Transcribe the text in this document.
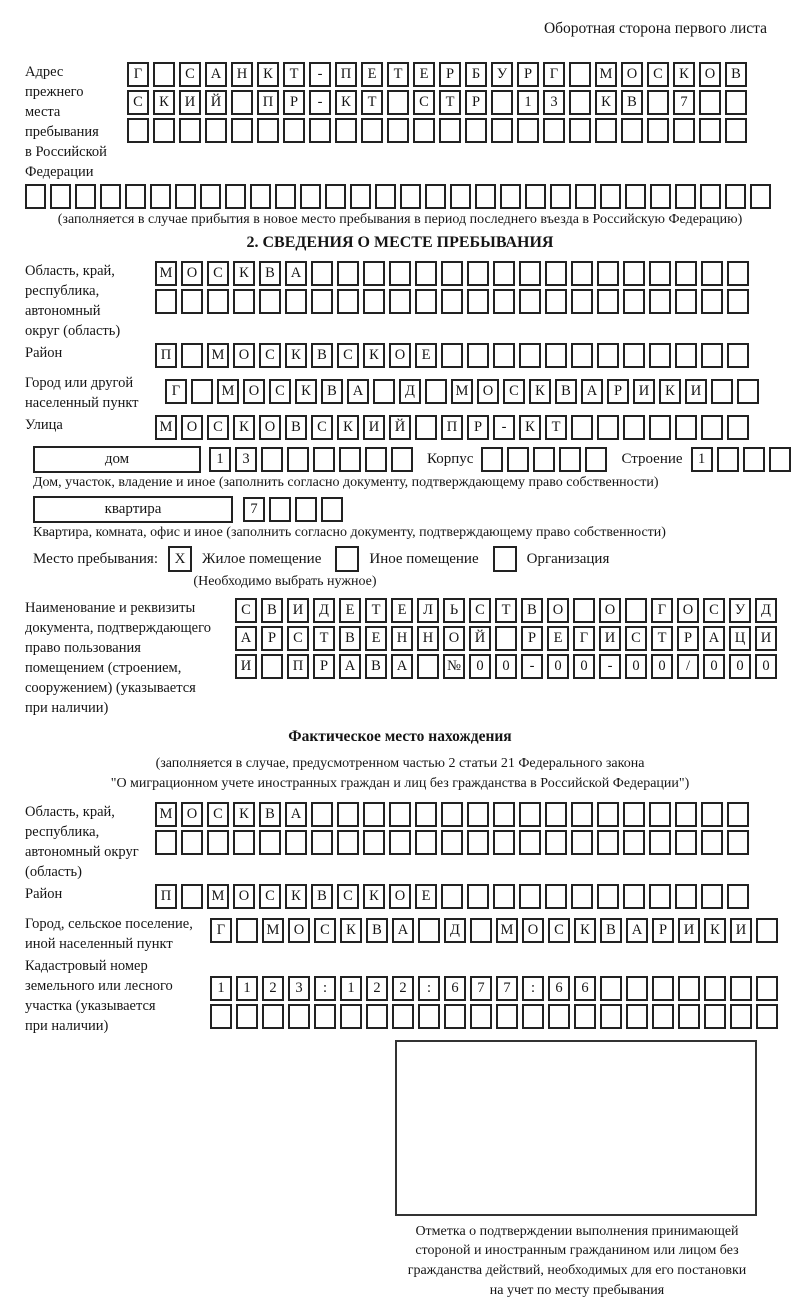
Оборотная сторона первого листа
Адрес прежнего
места пребывания
в Российской
Федерации
Г	С	А	Н	К	Т	-	П	Е	Т	Е	Р	Б	У	Р	Г	М О	С	К	О	В
С	К	И	Й	П	Р	-	К	Т	С	Т	Р	1	3	К	В	7
(заполняется в случае прибытия в новое место пребывания в период последнего въезда в Российскую Федерацию)
2. СВЕДЕНИЯ О МЕСТЕ ПРЕБЫВАНИЯ
Область, край,
республика,
автономный
округ (область)
М О	С	К	В	А
Район	П	М О	С	К	В	С	К	О	Е
Город или другой
населенный пункт
Г	М О	С	К	В	А	Д	М О	С	К	В	А	Р	И	К	И
Улица	М О	С	К	О	В	С	К	И	Й	П	Р	-	К	Т
дом	1	3	Корпус	Строение	1
Дом, участок, владение и иное (заполнить согласно документу, подтверждающему право собственности)
квартира	7
Квартира, комната, офис и иное (заполнить согласно документу, подтверждающему право собственности)
Место пребывания:	X	Жилое помещение	Иное помещение	Организация
(Необходимо выбрать нужное)
Наименование и реквизиты
документа, подтверждающего
право пользования
помещением (строением,
сооружением) (указывается
при наличии)
С	В	И	Д	Е	Т	Е	Л	Ь	С	Т	В	О	О	Г	О	С	У	Д
А	Р	С	Т	В	Е	Н	Н	О	Й	Р	Е	Г	И	С	Т	Р	А	Ц	И
И	П	Р	А	В	А	№	0	0	-	0	0	-	0	0	/	0	0	0
Фактическое место нахождения
(заполняется в случае, предусмотренном частью 2 статьи 21 Федерального закона
"О миграционном учете иностранных граждан и лиц без гражданства в Российской Федерации")
Область, край,
республика,
автономный округ
(область)
М О	С	К	В	А
Район	П	М О	С	К	В	С	К	О	Е
Город, сельское поселение,
иной населенный пункт
Г	М О	С	К	В	А	Д	М О	С	К	В	А	Р	И	К	И
Кадастровый номер
земельного или лесного
участка (указывается
при наличии)
1	1	2	3	:	1	2	2	:	6	7	7	:	6	6
Отметка о подтверждении выполнения принимающей
стороной и иностранным гражданином или лицом без
гражданства действий, необходимых для его постановки
на учет по месту пребывания
